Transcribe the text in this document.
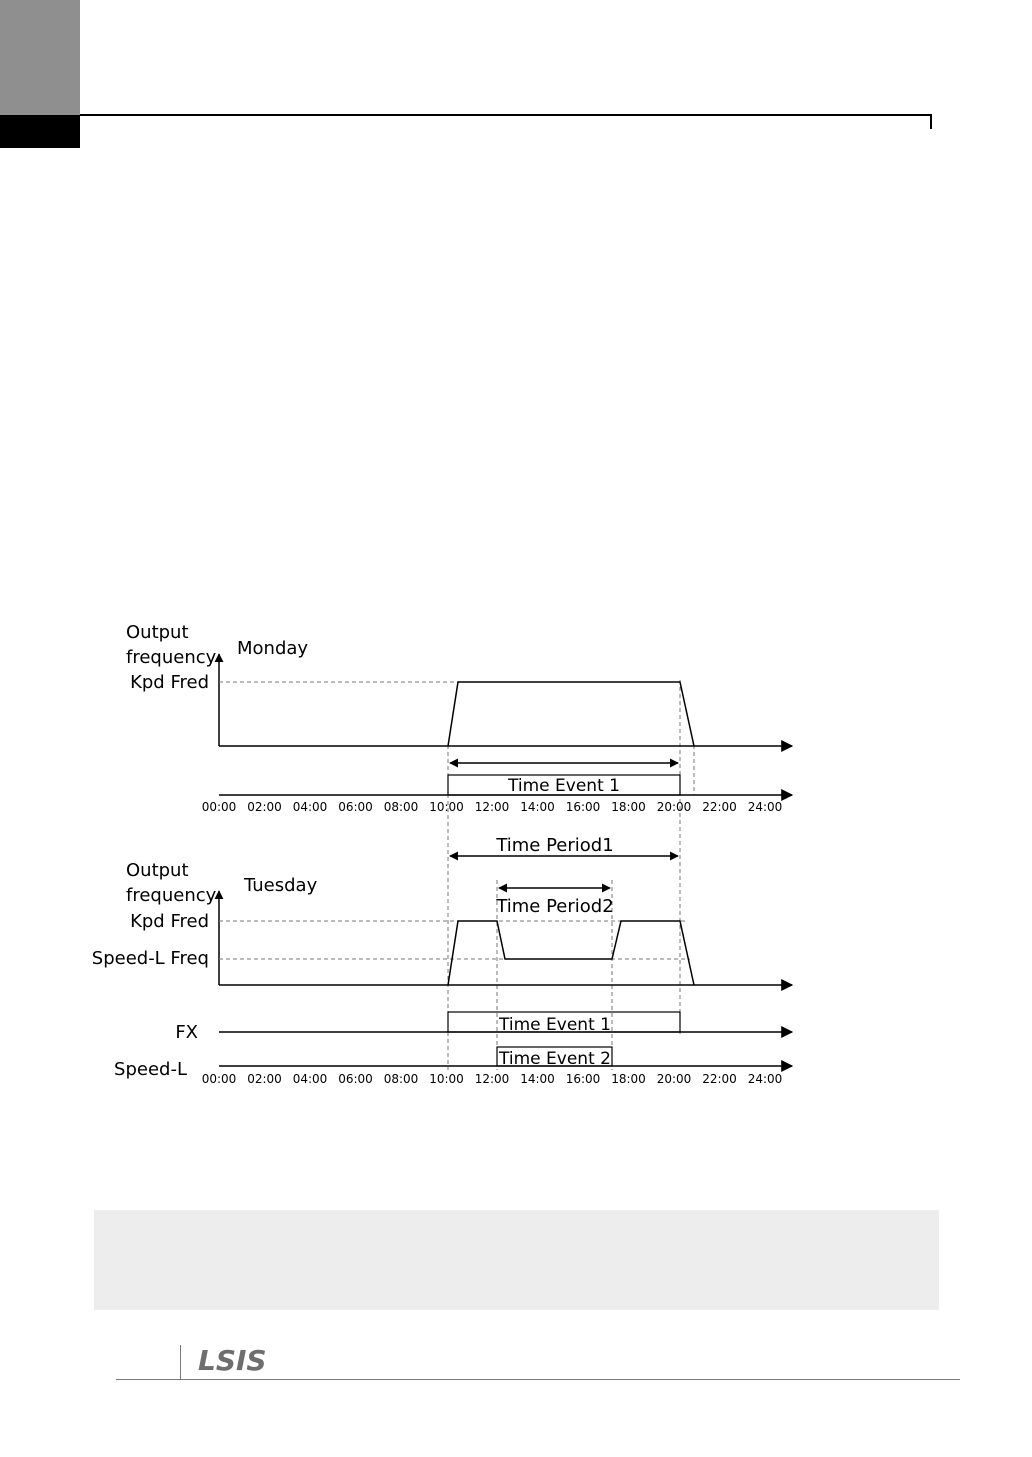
Output
frequency Monday
Kpd Fred
Time Event 1
00:00 02:00 04:00 06:00 08:00 10:00 12:00 14:00 16:00 18:00 20:00 22:00 24:00
Time Period1
Output
frequency Tuesday
Time Period2
Kpd Fred
Speed-L Freq
FX	Time Event 1
Speed-L	Time Event 2
00:00 02:00 04:00 06:00 08:00 10:00 12:00 14:00 16:00 18:00 20:00 22:00 24:00
LSIS
